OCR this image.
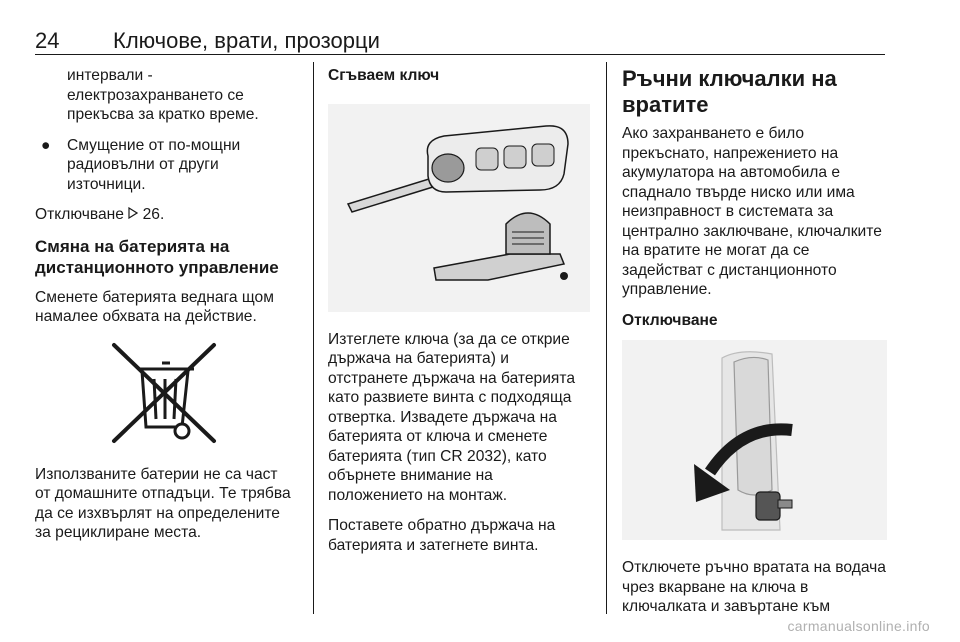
24 Ключове, врати, прозорци

интервали - електрозахранването се прекъсва за кратко време.

● Смущение от по-мощни радиовълни от други източници.

Отключване 26.

Смяна на батерията на дистанционното управление

Сменете батерията веднага щом намалее обхвата на действие.

Използваните батерии не са част от домашните отпадъци. Те трябва да се изхвърлят на определените за рециклиране места.

Сгъваем ключ

Изтеглете ключа (за да се открие държача на батерията) и отстранете държача на батерията като развиете винта с подходяща отвертка. Извадете държача на батерията от ключа и сменете батерията (тип CR 2032), като обърнете внимание на положението на монтаж.

Поставете обратно държача на батерията и затегнете винта.

Ръчни ключалки на вратите

Ако захранването е било прекъснато, напрежението на акумулатора на автомобила е спаднало твърде ниско или има неизправност в системата за централно заключване, ключалките на вратите не могат да се задействат с дистанционното управление.

Отключване

Отключете ръчно вратата на водача чрез вкарване на ключа в ключалката и завъртане към

carmanualsonline.info
